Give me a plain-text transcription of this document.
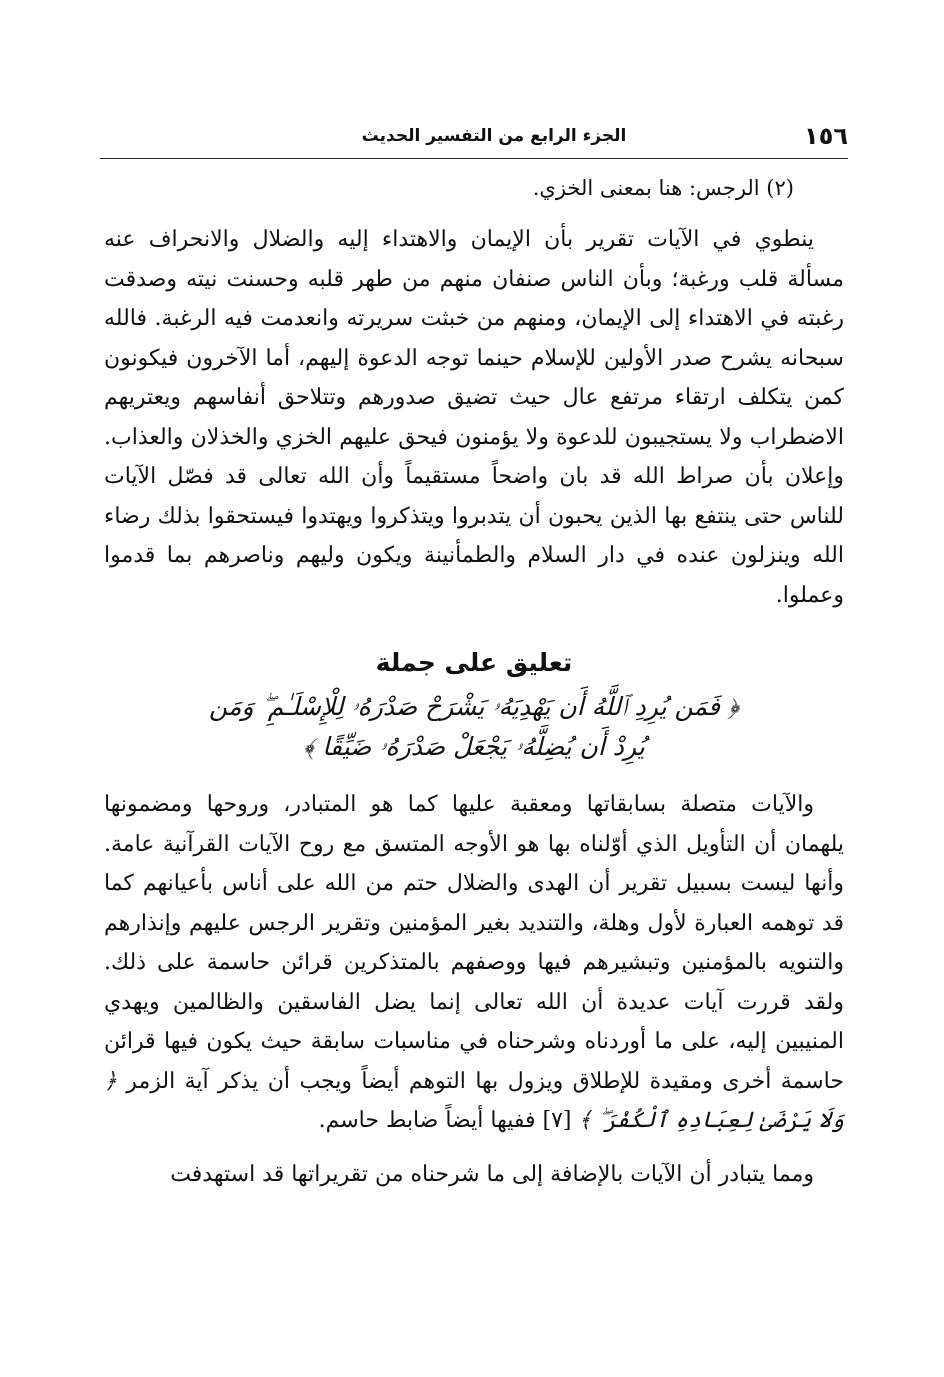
١٥٦
الجزء الرابع من التفسير الحديث

(٢) الرجس: هنا بمعنى الخزي.

ينطوي في الآيات تقرير بأن الإيمان والاهتداء إليه والضلال والانحراف عنه مسألة قلب ورغبة؛ وبأن الناس صنفان منهم من طهر قلبه وحسنت نيته وصدقت رغبته في الاهتداء إلى الإيمان، ومنهم من خبثت سريرته وانعدمت فيه الرغبة. فالله سبحانه يشرح صدر الأولين للإسلام حينما توجه الدعوة إليهم، أما الآخرون فيكونون كمن يتكلف ارتقاء مرتفع عال حيث تضيق صدورهم وتتلاحق أنفاسهم ويعتريهم الاضطراب ولا يستجيبون للدعوة ولا يؤمنون فيحق عليهم الخزي والخذلان والعذاب. وإعلان بأن صراط الله قد بان واضحاً مستقيماً وأن الله تعالى قد فصّل الآيات للناس حتى ينتفع بها الذين يحبون أن يتدبروا ويتذكروا ويهتدوا فيستحقوا بذلك رضاء الله وينزلون عنده في دار السلام والطمأنينة ويكون وليهم وناصرهم بما قدموا وعملوا.

تعليق على جملة
﴿ فَمَن يُرِدِ ٱللَّهُ أَن يَهْدِيَهُۥ يَشْرَحْ صَدْرَهُۥ لِلْإِسْلَـٰمِ ۖ وَمَن
يُرِدْ أَن يُضِلَّهُۥ يَجْعَلْ صَدْرَهُۥ ضَيِّقًا ﴾

والآيات متصلة بسابقاتها ومعقبة عليها كما هو المتبادر، وروحها ومضمونها يلهمان أن التأويل الذي أوّلناه بها هو الأوجه المتسق مع روح الآيات القرآنية عامة. وأنها ليست بسبيل تقرير أن الهدى والضلال حتم من الله على أناس بأعيانهم كما قد توهمه العبارة لأول وهلة، والتنديد بغير المؤمنين وتقرير الرجس عليهم وإنذارهم والتنويه بالمؤمنين وتبشيرهم فيها ووصفهم بالمتذكرين قرائن حاسمة على ذلك. ولقد قررت آيات عديدة أن الله تعالى إنما يضل الفاسقين والظالمين ويهدي المنيبين إليه، على ما أوردناه وشرحناه في مناسبات سابقة حيث يكون فيها قرائن حاسمة أخرى ومقيدة للإطلاق ويزول بها التوهم أيضاً ويجب أن يذكر آية الزمر ﴿ وَلَا يَرْضَىٰ لِعِبَادِهِ ٱلْكُفْرَ ۖ ﴾ [٧] ففيها أيضاً ضابط حاسم.

ومما يتبادر أن الآيات بالإضافة إلى ما شرحناه من تقريراتها قد استهدفت
